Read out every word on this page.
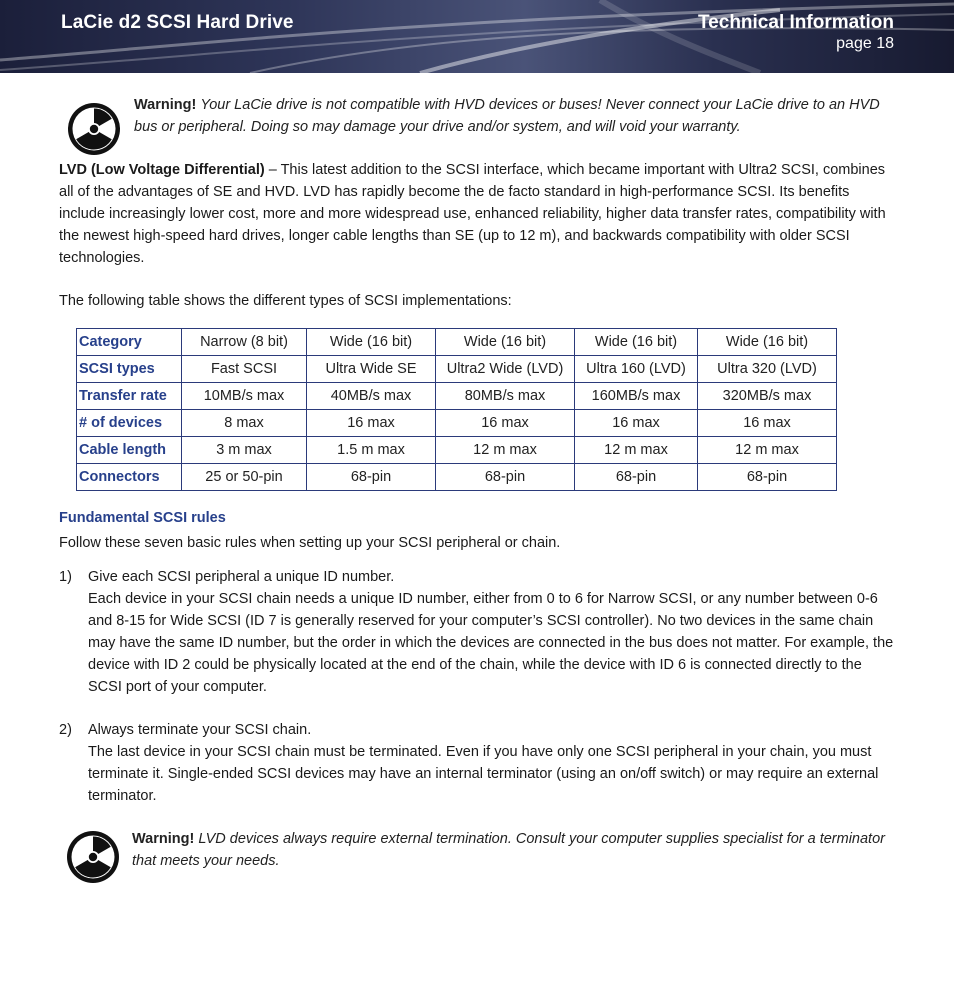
LaCie d2 SCSI Hard Drive	Technical Information
page 18
Warning! Your LaCie drive is not compatible with HVD devices or buses! Never connect your LaCie drive to an HVD bus or peripheral. Doing so may damage your drive and/or system, and will void your warranty.
LVD (Low Voltage Differential) – This latest addition to the SCSI interface, which became important with Ultra2 SCSI, combines all of the advantages of SE and HVD. LVD has rapidly become the de facto standard in high-performance SCSI. Its benefits include increasingly lower cost, more and more widespread use, enhanced reliability, higher data transfer rates, compatibility with the newest high-speed hard drives, longer cable lengths than SE (up to 12 m), and backwards compatibility with older SCSI technologies.
The following table shows the different types of SCSI implementations:
Category	Narrow (8 bit)	Wide (16 bit)	Wide (16 bit)	Wide (16 bit)	Wide (16 bit)
SCSI types	Fast SCSI	Ultra Wide SE	Ultra2 Wide (LVD)	Ultra 160 (LVD)	Ultra 320 (LVD)
Transfer rate	10MB/s max	40MB/s max	80MB/s max	160MB/s max	320MB/s max
# of devices	8 max	16 max	16 max	16 max	16 max
Cable length	3 m max	1.5 m max	12 m max	12 m max	12 m max
Connectors	25 or 50-pin	68-pin	68-pin	68-pin	68-pin
Fundamental SCSI rules
Follow these seven basic rules when setting up your SCSI peripheral or chain.
1) Give each SCSI peripheral a unique ID number.
Each device in your SCSI chain needs a unique ID number, either from 0 to 6 for Narrow SCSI, or any number between 0-6 and 8-15 for Wide SCSI (ID 7 is generally reserved for your computer’s SCSI controller). No two devices in the same chain may have the same ID number, but the order in which the devices are connected in the bus does not matter. For example, the device with ID 2 could be physically located at the end of the chain, while the device with ID 6 is connected directly to the SCSI port of your computer.
2) Always terminate your SCSI chain.
The last device in your SCSI chain must be terminated. Even if you have only one SCSI peripheral in your chain, you must terminate it. Single-ended SCSI devices may have an internal terminator (using an on/off switch) or may require an external terminator.
Warning! LVD devices always require external termination. Consult your computer supplies specialist for a terminator that meets your needs.
